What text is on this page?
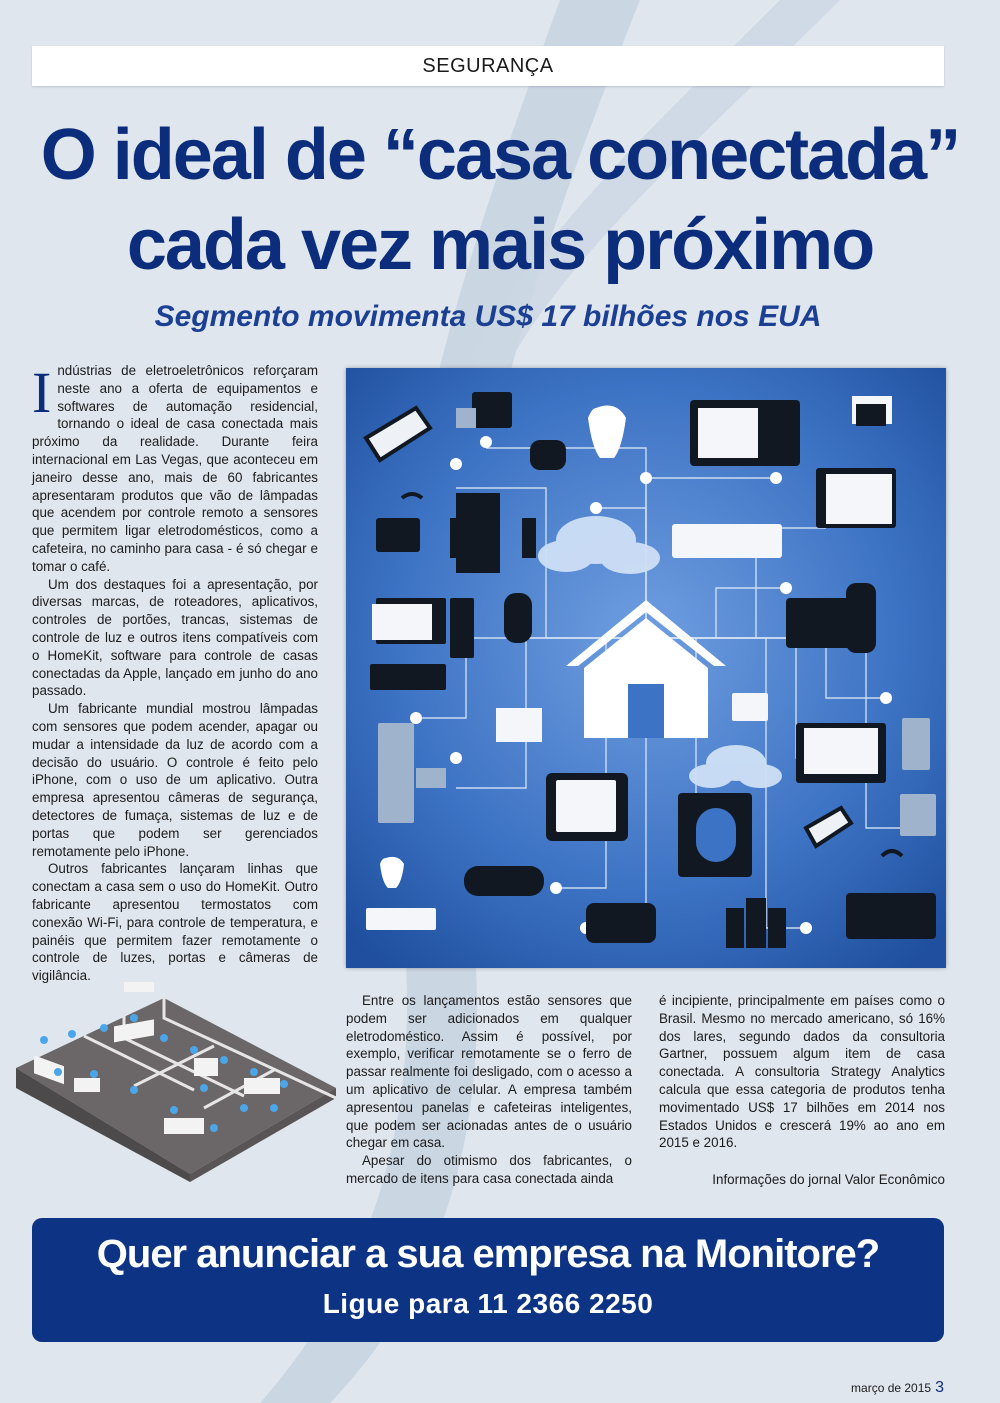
SEGURANÇA
O ideal de “casa conectada”
cada vez mais próximo
Segmento movimenta US$ 17 bilhões nos EUA

Indústrias de eletroeletrônicos reforçaram neste ano a oferta de equipamentos e softwares de automação residencial, tornando o ideal de casa conectada mais próximo da realidade. Durante feira internacional em Las Vegas, que aconteceu em janeiro desse ano, mais de 60 fabricantes apresentaram produtos que vão de lâmpadas que acendem por controle remoto a sensores que permitem ligar eletrodomésticos, como a cafeteira, no caminho para casa - é só chegar e tomar o café.

Um dos destaques foi a apresentação, por diversas marcas, de roteadores, aplicativos, controles de portões, trancas, sistemas de controle de luz e outros itens compatíveis com o HomeKit, software para controle de casas conectadas da Apple, lançado em junho do ano passado.

Um fabricante mundial mostrou lâmpadas com sensores que podem acender, apagar ou mudar a intensidade da luz de acordo com a decisão do usuário. O controle é feito pelo iPhone, com o uso de um aplicativo. Outra empresa apresentou câmeras de segurança, detectores de fumaça, sistemas de luz e de portas que podem ser gerenciados remotamente pelo iPhone.

Outros fabricantes lançaram linhas que conectam a casa sem o uso do HomeKit. Outro fabricante apresentou termostatos com conexão Wi-Fi, para controle de temperatura, e painéis que permitem fazer remotamente o controle de luzes, portas e câmeras de vigilância.

Entre os lançamentos estão sensores que podem ser adicionados em qualquer eletrodoméstico. Assim é possível, por exemplo, verificar remotamente se o ferro de passar realmente foi desligado, com o acesso a um aplicativo de celular. A empresa também apresentou panelas e cafeteiras inteligentes, que podem ser acionadas antes de o usuário chegar em casa.

Apesar do otimismo dos fabricantes, o mercado de itens para casa conectada ainda

é incipiente, principalmente em países como o Brasil. Mesmo no mercado americano, só 16% dos lares, segundo dados da consultoria Gartner, possuem algum item de casa conectada. A consultoria Strategy Analytics calcula que essa categoria de produtos tenha movimentado US$ 17 bilhões em 2014 nos Estados Unidos e crescerá 19% ao ano em 2015 e 2016.

Informações do jornal Valor Econômico
Quer anunciar a sua empresa na Monitore?
Ligue para 11 2366 2250
março de 2015 3
